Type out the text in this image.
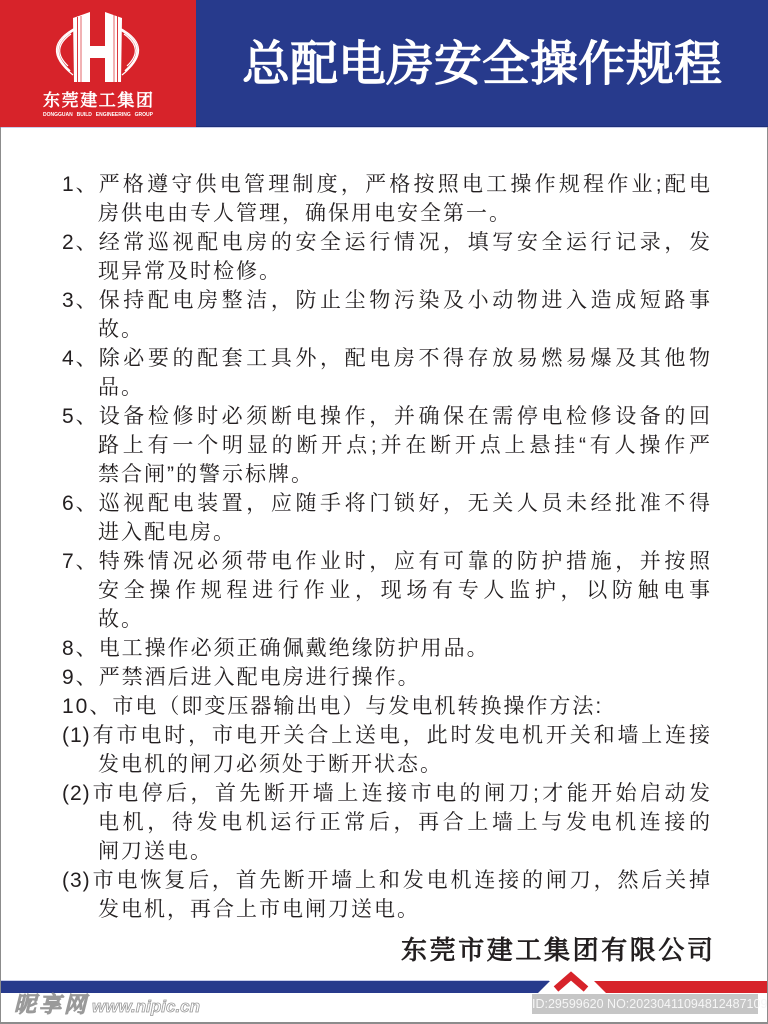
东莞建工集团
DONGGUAN BUILD ENGINEERING GROUP
总配电房安全操作规程
1、 严格遵守供电管理制度，严格按照电工操作规程作业;配电
房供电由专人管理，确保用电安全第一。
2、 经常巡视配电房的安全运行情况，填写安全运行记录，发
现异常及时检修。
3、 保持配电房整洁，防止尘物污染及小动物进入造成短路事
故。
4、 除必要的配套工具外，配电房不得存放易燃易爆及其他物
品。
5、 设备检修时必须断电操作，并确保在需停电检修设备的回
路上有一个明显的断开点;并在断开点上悬挂“有人操作严
禁合闸”的警示标牌。
6、 巡视配电装置，应随手将门锁好，无关人员未经批准不得
进入配电房。
7、 特殊情况必须带电作业时，应有可靠的防护措施，并按照
安全操作规程进行作业，现场有专人监护，以防触电事
故。
8、 电工操作必须正确佩戴绝缘防护用品。
9、 严禁酒后进入配电房进行操作。
10、 市电（即变压器输出电）与发电机转换操作方法:
(1) 有市电时，市电开关合上送电，此时发电机开关和墙上连接
发电机的闸刀必须处于断开状态。
(2) 市电停后，首先断开墙上连接市电的闸刀;才能开始启动发
电机，待发电机运行正常后，再合上墙上与发电机连接的
闸刀送电。
(3) 市电恢复后，首先断开墙上和发电机连接的闸刀，然后关掉
发电机，再合上市电闸刀送电。
东莞市建工集团有限公司
昵享网 www.nipic.cn	ID:29599620 NO:20230411094812487109
